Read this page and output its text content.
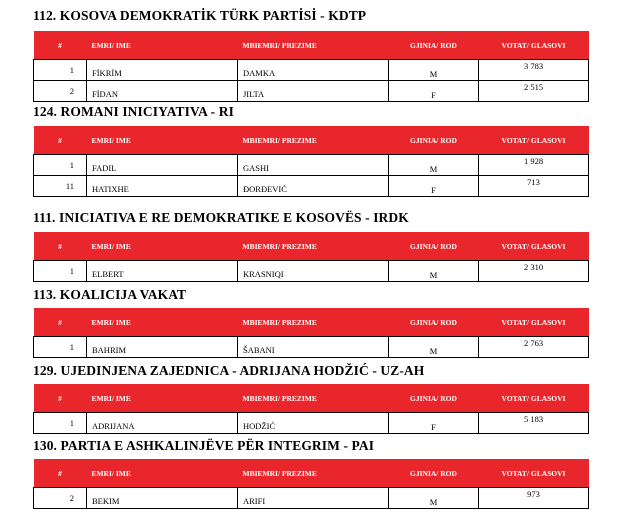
112. KOSOVA DEMOKRATİK TÜRK PARTİSİ - KDTP
#	EMRI/ IME	MBIEMRI/ PREZIME	GJINIA/ ROD	VOTAT/ GLASOVI
1	FİKRİM	DAMKA	M	3 783
2	FİDAN	JILTA	F	2 515
124. ROMANI INICIYATIVA - RI
#	EMRI/ IME	MBIEMRI/ PREZIME	GJINIA/ ROD	VOTAT/ GLASOVI
1	FADIL	GASHI	M	1 928
11	HATIXHE	ĐORĐEVIĆ	F	713
111. INICIATIVA E RE DEMOKRATIKE E KOSOVËS - IRDK
#	EMRI/ IME	MBIEMRI/ PREZIME	GJINIA/ ROD	VOTAT/ GLASOVI
1	ELBERT	KRASNIQI	M	2 310
113. KOALICIJA VAKAT
#	EMRI/ IME	MBIEMRI/ PREZIME	GJINIA/ ROD	VOTAT/ GLASOVI
1	BAHRIM	ŠABANI	M	2 763
129. UJEDINJENA ZAJEDNICA - ADRIJANA HODŽIĆ - UZ-AH
#	EMRI/ IME	MBIEMRI/ PREZIME	GJINIA/ ROD	VOTAT/ GLASOVI
1	ADRIJANA	HODŽIĆ	F	5 183
130. PARTIA E ASHKALINJËVE PËR INTEGRIM - PAI
#	EMRI/ IME	MBIEMRI/ PREZIME	GJINIA/ ROD	VOTAT/ GLASOVI
2	BEKIM	ARIFI	M	973
